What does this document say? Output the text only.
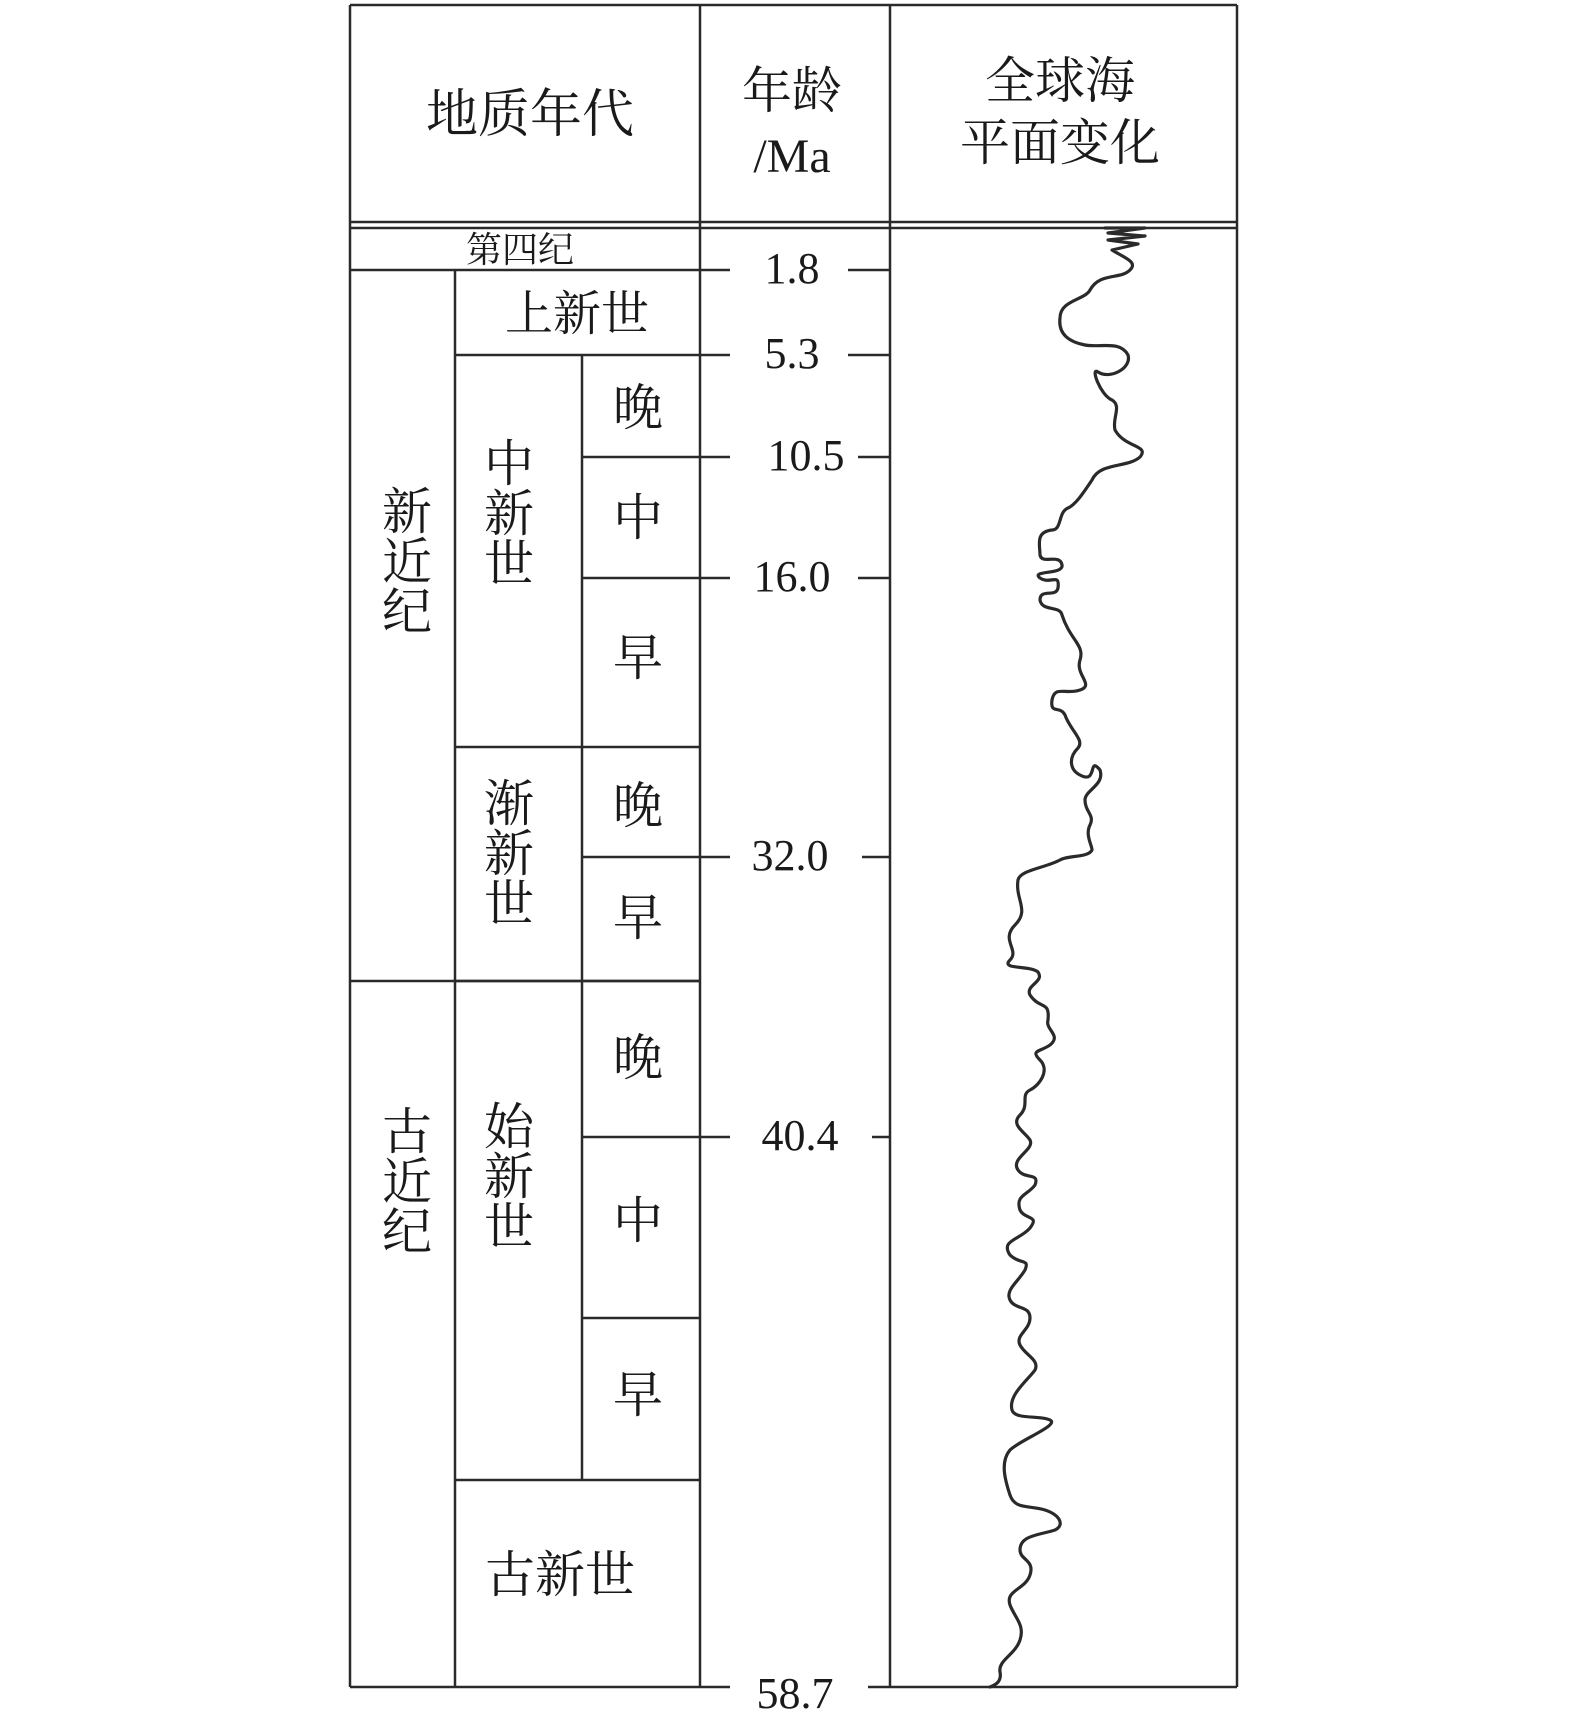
地质年代 年龄
/Ma
全球海
平面变化
第四纪
新近纪
古近纪
上新世
中新世
渐新世
始新世
古新世
晚
中
早
晚
早
晚
中
早
1.8
5.3
10.5
16.0
32.0
40.4
58.7
